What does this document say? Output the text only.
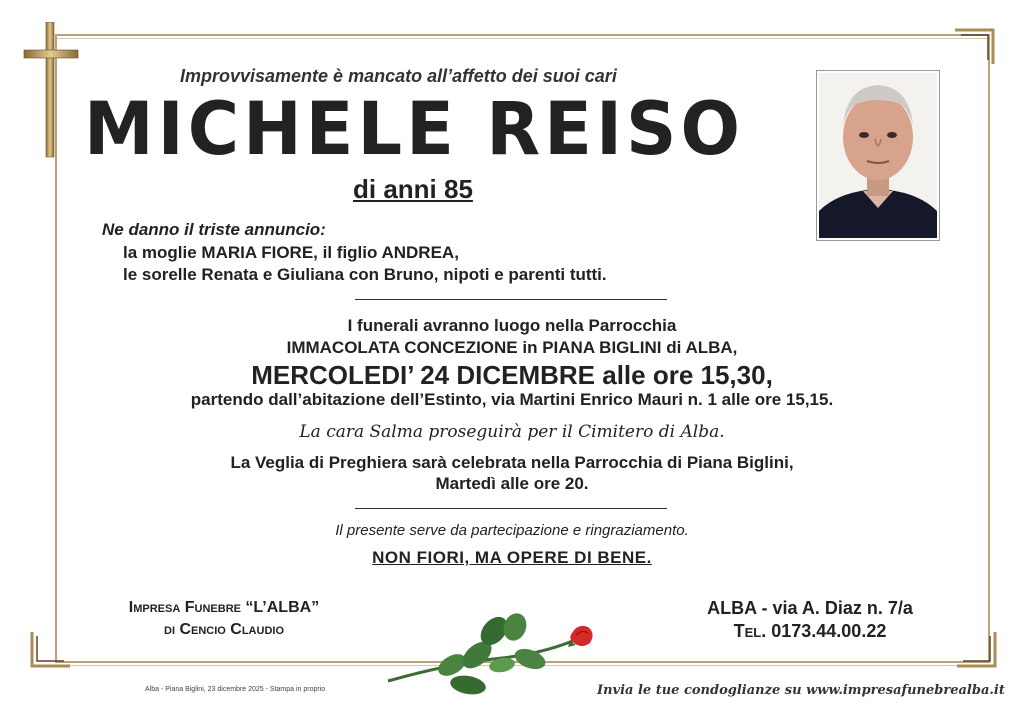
Improvvisamente è mancato all’affetto dei suoi cari
MICHELE REISO
di anni 85
Ne danno il triste annuncio:
la moglie MARIA FIORE, il figlio ANDREA,
le sorelle Renata e Giuliana con Bruno, nipoti e parenti tutti.
I funerali avranno luogo nella Parrocchia
IMMACOLATA CONCEZIONE in PIANA BIGLINI di ALBA,
MERCOLEDI’ 24 DICEMBRE alle ore 15,30,
partendo dall’abitazione dell’Estinto, via Martini Enrico Mauri n. 1 alle ore 15,15.
La cara Salma proseguirà per il Cimitero di Alba.
La Veglia di Preghiera sarà celebrata nella Parrocchia di Piana Biglini,
Martedì alle ore 20.
Il presente serve da partecipazione e ringraziamento.
NON FIORI, MA OPERE DI BENE.
Impresa Funebre “L’ALBA”
di Cencio Claudio
ALBA - via A. Diaz n. 7/a
Tel. 0173.44.00.22
Alba - Piana Biglini, 23 dicembre 2025 - Stampa in proprio	Invia le tue condoglianze su www.impresafunebrealba.it
